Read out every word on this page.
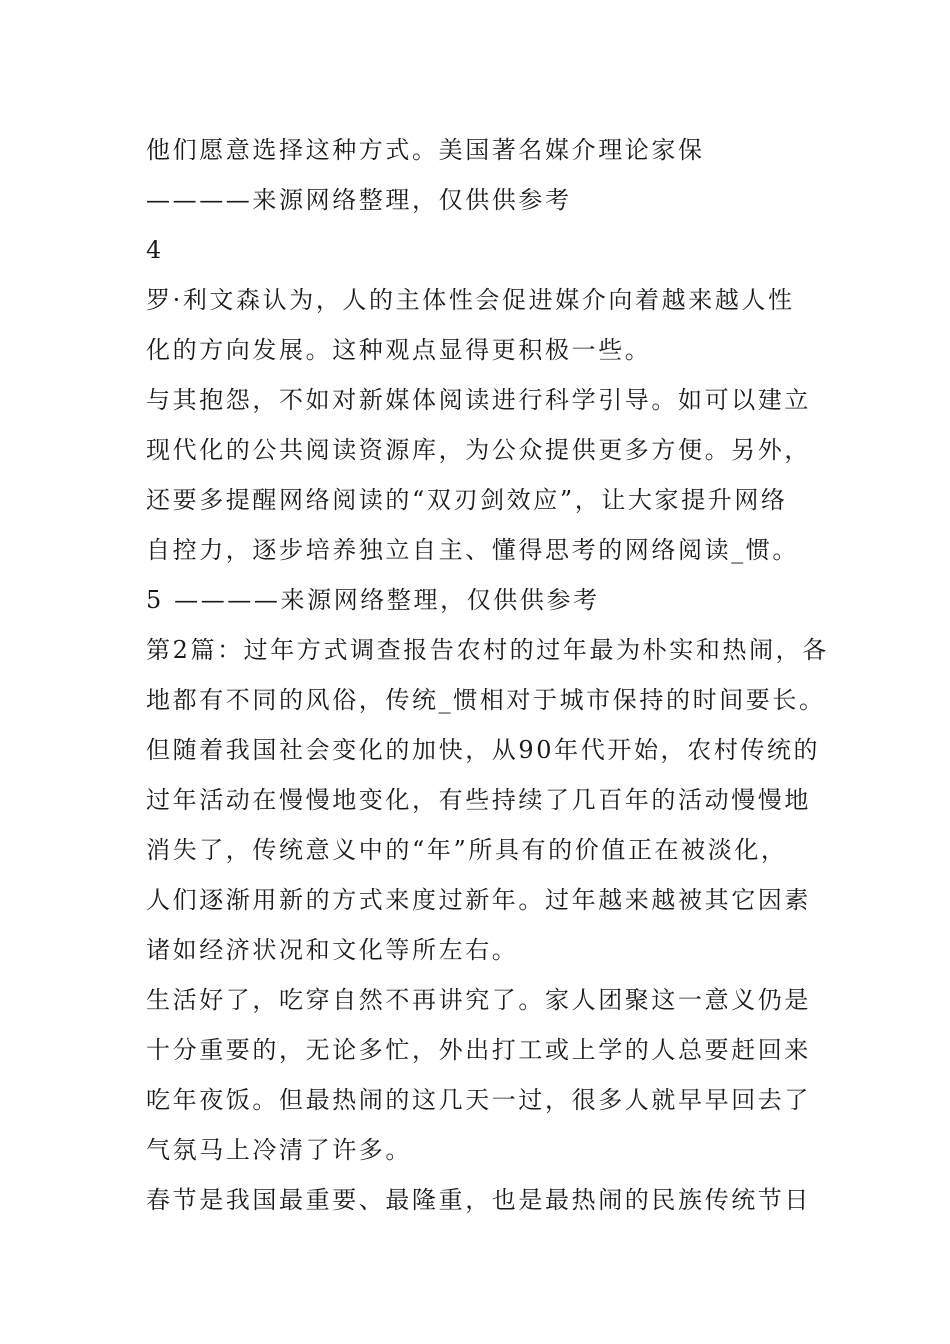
他们愿意选择这种方式。美国著名媒介理论家保
————来源网络整理，仅供供参考
4
罗·利文森认为，人的主体性会促进媒介向着越来越人性
化的方向发展。这种观点显得更积极一些。
与其抱怨，不如对新媒体阅读进行科学引导。如可以建立
现代化的公共阅读资源库，为公众提供更多方便。另外，
还要多提醒网络阅读的“双刃剑效应”，让大家提升网络
自控力，逐步培养独立自主、懂得思考的网络阅读_惯。
5 ————来源网络整理，仅供供参考
第2篇：过年方式调查报告农村的过年最为朴实和热闹，各
地都有不同的风俗，传统_惯相对于城市保持的时间要长。
但随着我国社会变化的加快，从90年代开始，农村传统的
过年活动在慢慢地变化，有些持续了几百年的活动慢慢地
消失了，传统意义中的“年”所具有的价值正在被淡化，
人们逐渐用新的方式来度过新年。过年越来越被其它因素
诸如经济状况和文化等所左右。
生活好了，吃穿自然不再讲究了。家人团聚这一意义仍是
十分重要的，无论多忙，外出打工或上学的人总要赶回来
吃年夜饭。但最热闹的这几天一过，很多人就早早回去了
气氛马上冷清了许多。
春节是我国最重要、最隆重，也是最热闹的民族传统节日
